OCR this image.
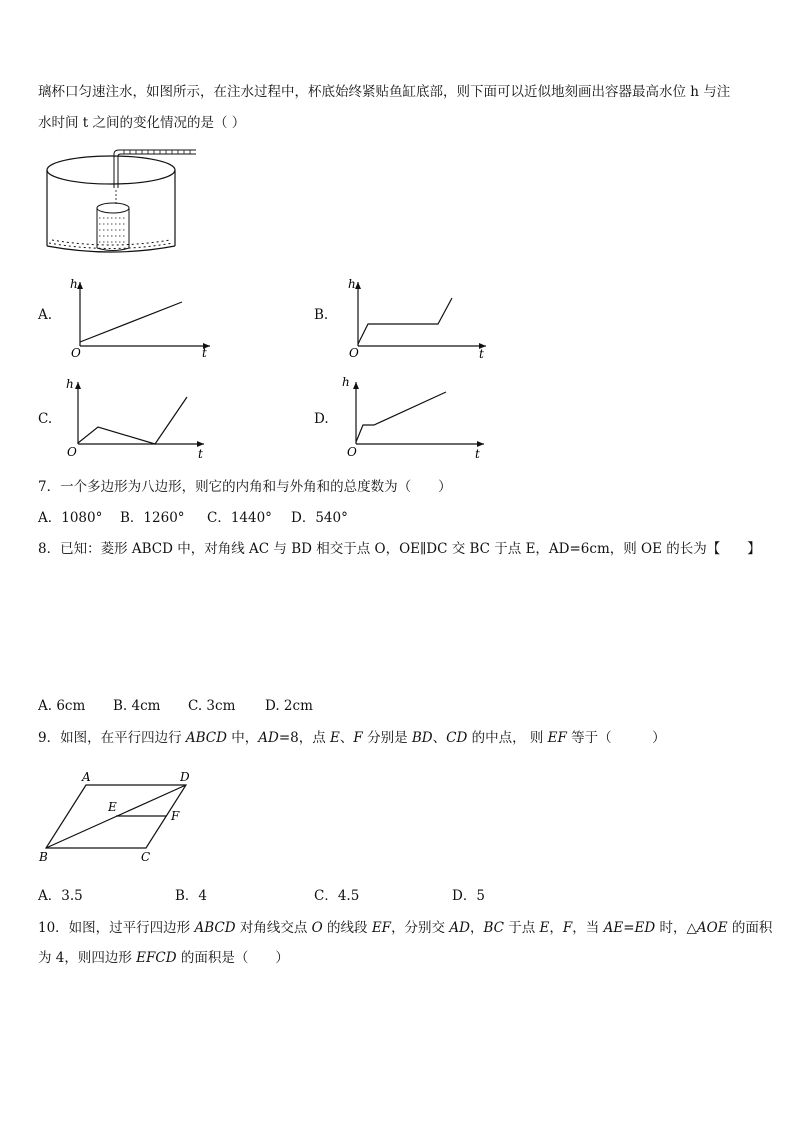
璃杯口匀速注水，如图所示，在注水过程中，杯底始终紧贴鱼缸底部，则下面可以近似地刻画出容器最高水位 h 与注
水时间 t 之间的变化情况的是（ ）
A.
h
t
O
B.
h
t
O
C.
h
t
O
D.
h
t
O
7．一个多边形为八边形，则它的内角和与外角和的总度数为（　　）
A．1080° B．1260° C．1440° D．540°
8．已知：菱形 ABCD 中，对角线 AC 与 BD 相交于点 O，OE∥DC 交 BC 于点 E，AD=6cm，则 OE 的长为【　　】
A. 6cm B. 4cm C. 3cm D. 2cm
9．如图，在平行四边行 ABCD 中，AD=8，点 E、F 分别是 BD、CD 的中点， 则 EF 等于（　　　）
A	D
B	C
E
F
A．3.5	B．4	C．4.5	D．5
10．如图，过平行四边形 ABCD 对角线交点 O 的线段 EF，分别交 AD，BC 于点 E，F，当 AE=ED 时，△AOE 的面积
为 4，则四边形 EFCD 的面积是（　　）
